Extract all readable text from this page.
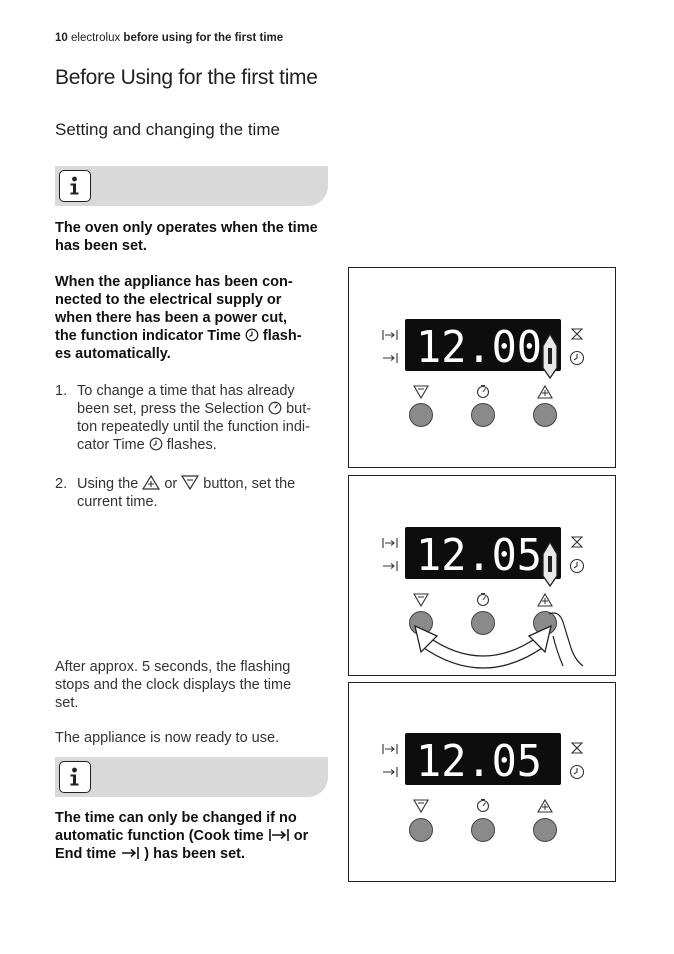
10 electrolux before using for the first time
Before Using for the first time
Setting and changing the time
The oven only operates when the time has been set.
When the appliance has been con-
nected to the electrical supply or
when there has been a power cut,
the function indicator Time flash-
es automatically.
1. To change a time that has already
been set, press the Selection but-
ton repeatedly until the function indi-
cator Time flashes.
2. Using the or button, set the
current time.
After approx. 5 seconds, the flashing
stops and the clock displays the time
set.
The appliance is now ready to use.
The time can only be changed if no
automatic function (Cook time or
End time ) has been set.
12.00
12.05
12.05
